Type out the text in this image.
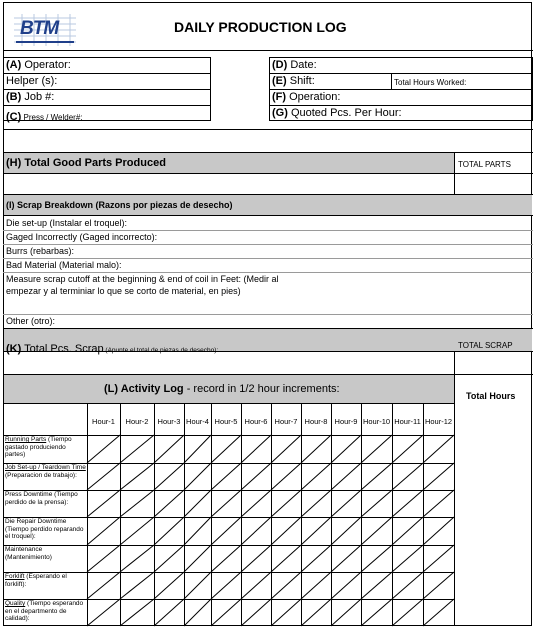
BTM	DAILY PRODUCTION LOG
(A) Operator:
Helper (s):
(B) Job #:
(C) Press / Welder#:
(D) Date:
(E) Shift:	Total Hours Worked:
(F) Operation:
(G) Quoted Pcs. Per Hour:
(H) Total Good Parts Produced	TOTAL PARTS
(I) Scrap Breakdown (Razons por piezas de desecho)
Die set-up (Instalar el troquel):
Gaged Incorrectly (Gaged incorrecto):
Burrs (rebarbas):
Bad Material (Material malo):
Measure scrap cutoff at the beginning & end of coil in Feet: (Medir al
empezar y al terminiar lo que se corto de material, en pies)
Other (otro):
(K) Total Pcs. Scrap (Apunte el total de piezas de desecho):
TOTAL SCRAP
(L) Activity Log - record in 1/2 hour increments:
Total Hours
Hour-1	Hour-2	Hour-3 Hour-4 Hour-5 Hour-6 Hour-7 Hour-8 Hour-9 Hour-10 Hour-11 Hour-12
Running Parts (Tiempo gastado produciendo partes)
Job Set-up / Teardown Time (Preparacion de trabajo):
Press Downtime (Tiempo perdido de la prensa):
Die Repair Downtime (Tiempo perdido reparando el troquel):
Maintenance (Mantenimiento)
Forklift (Esperando el forklift):
Quality (Tiempo esperando en el departmento de calidad):
